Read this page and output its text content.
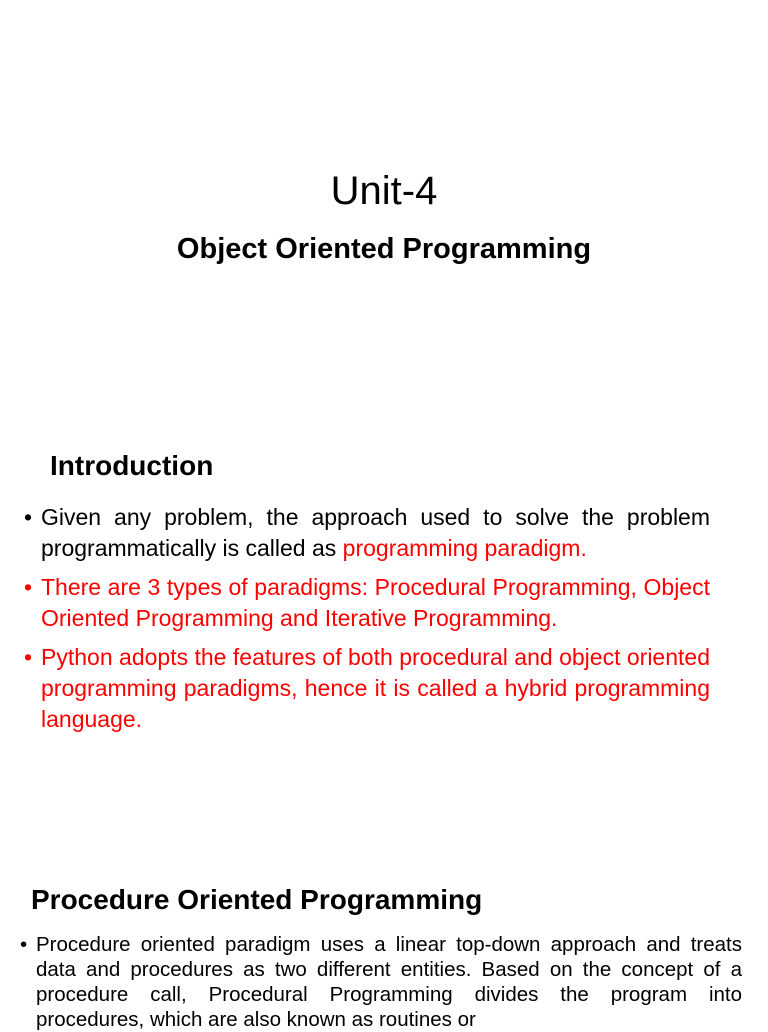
Unit-4
Object Oriented Programming
Introduction
• Given any problem, the approach used to solve the problem programmatically is called as programming paradigm.
• There are 3 types of paradigms: Procedural Programming, Object Oriented Programming and Iterative Programming.
• Python adopts the features of both procedural and object oriented programming paradigms, hence it is called a hybrid programming language.
Procedure Oriented Programming
• Procedure oriented paradigm uses a linear top-down approach and treats data and procedures as two different entities. Based on the concept of a procedure call, Procedural Programming divides the program into procedures, which are also known as routines or
